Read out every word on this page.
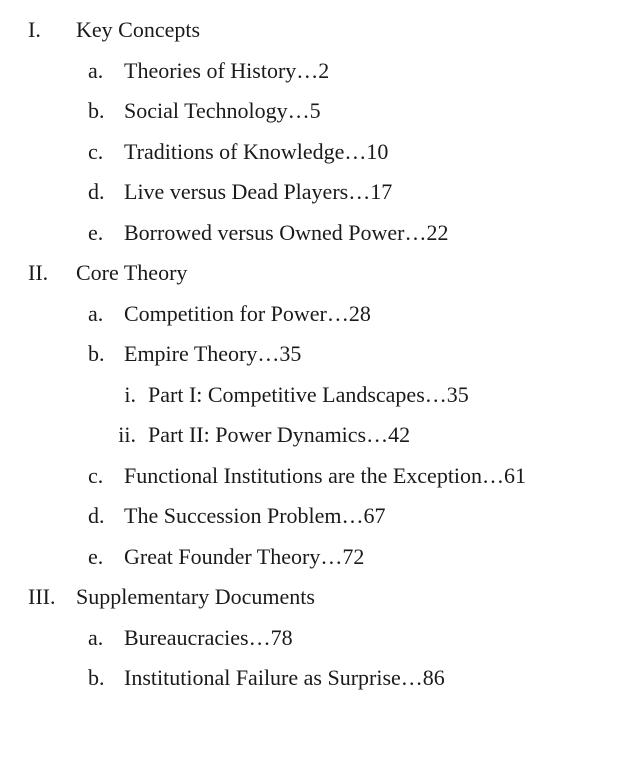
I. Key Concepts
a. Theories of History…2
b. Social Technology…5
c. Traditions of Knowledge…10
d. Live versus Dead Players…17
e. Borrowed versus Owned Power…22
II. Core Theory
a. Competition for Power…28
b. Empire Theory…35
i. Part I: Competitive Landscapes…35
ii. Part II: Power Dynamics…42
c. Functional Institutions are the Exception…61
d. The Succession Problem…67
e. Great Founder Theory…72
III. Supplementary Documents
a. Bureaucracies…78
b. Institutional Failure as Surprise…86
